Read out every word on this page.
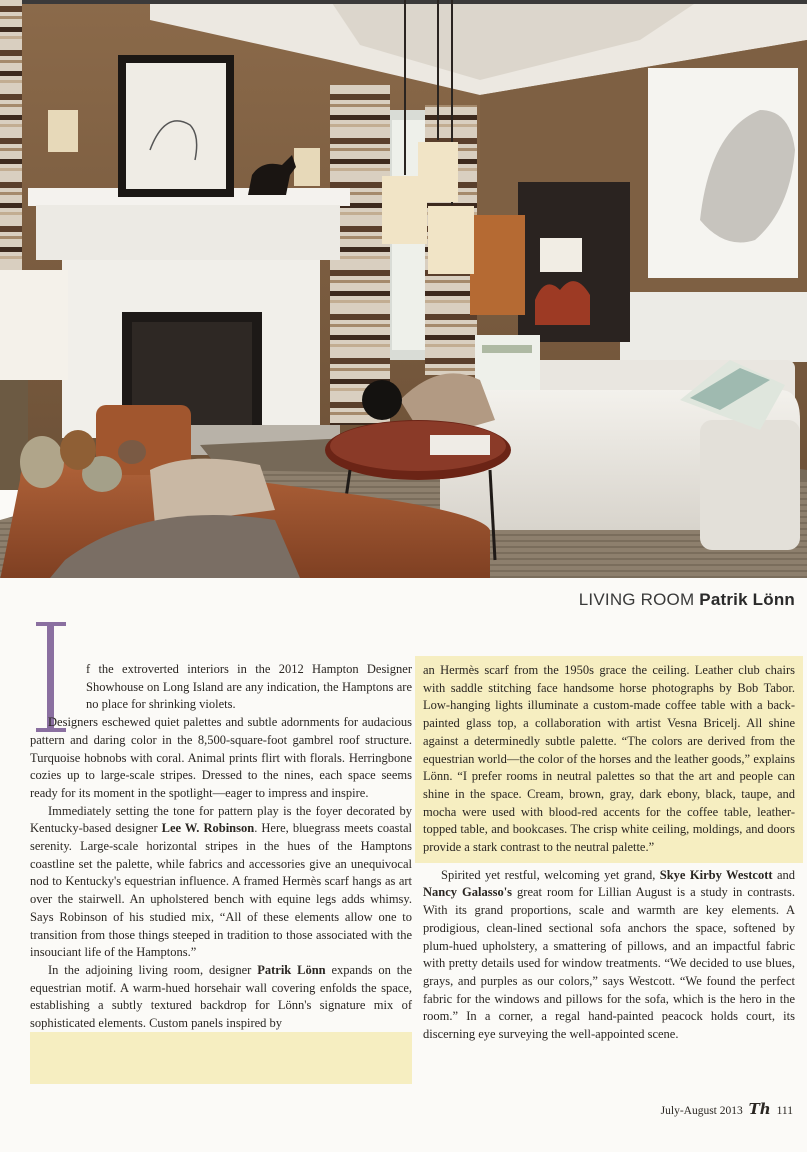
LIVING ROOM Patrik Lönn

f the extroverted interiors in the 2012 Hampton Designer Showhouse on Long Island are any indication, the Hamptons are no place for shrinking violets.

Designers eschewed quiet palettes and subtle adornments for audacious pattern and daring color in the 8,500-square-foot gambrel roof structure. Turquoise hobnobs with coral. Animal prints flirt with florals. Herringbone cozies up to large-scale stripes. Dressed to the nines, each space seems ready for its moment in the spotlight—eager to impress and inspire.

Immediately setting the tone for pattern play is the foyer decorated by Kentucky-based designer Lee W. Robinson. Here, bluegrass meets coastal serenity. Large-scale horizontal stripes in the hues of the Hamptons coastline set the palette, while fabrics and accessories give an unequivocal nod to Kentucky's equestrian influence. A framed Hermès scarf hangs as art over the stairwell. An upholstered bench with equine legs adds whimsy. Says Robinson of his studied mix, “All of these elements allow one to transition from those things steeped in tradition to those associated with the insouciant life of the Hamptons.”

In the adjoining living room, designer Patrik Lönn expands on the equestrian motif. A warm-hued horsehair wall covering enfolds the space, establishing a subtly textured backdrop for Lönn's signature mix of sophisticated elements. Custom panels inspired by

an Hermès scarf from the 1950s grace the ceiling. Leather club chairs with saddle stitching face handsome horse photographs by Bob Tabor. Low-hanging lights illuminate a custom-made coffee table with a back-painted glass top, a collaboration with artist Vesna Bricelj. All shine against a determinedly subtle palette. “The colors are derived from the equestrian world—the color of the horses and the leather goods,” explains Lönn. “I prefer rooms in neutral palettes so that the art and people can shine in the space. Cream, brown, gray, dark ebony, black, taupe, and mocha were used with blood-red accents for the coffee table, leather-topped table, and bookcases. The crisp white ceiling, moldings, and doors provide a stark contrast to the neutral palette.”

Spirited yet restful, welcoming yet grand, Skye Kirby Westcott and Nancy Galasso's great room for Lillian August is a study in contrasts. With its grand proportions, scale and warmth are key elements. A prodigious, clean-lined sectional sofa anchors the space, softened by plum-hued upholstery, a smattering of pillows, and an impactful fabric with pretty details used for window treatments. “We decided to use blues, grays, and purples as our colors,” says Westcott. “We found the perfect fabric for the windows and pillows for the sofa, which is the hero in the room.” In a corner, a regal hand-painted peacock holds court, its discerning eye surveying the well-appointed scene.

July-August 2013 Th 111
